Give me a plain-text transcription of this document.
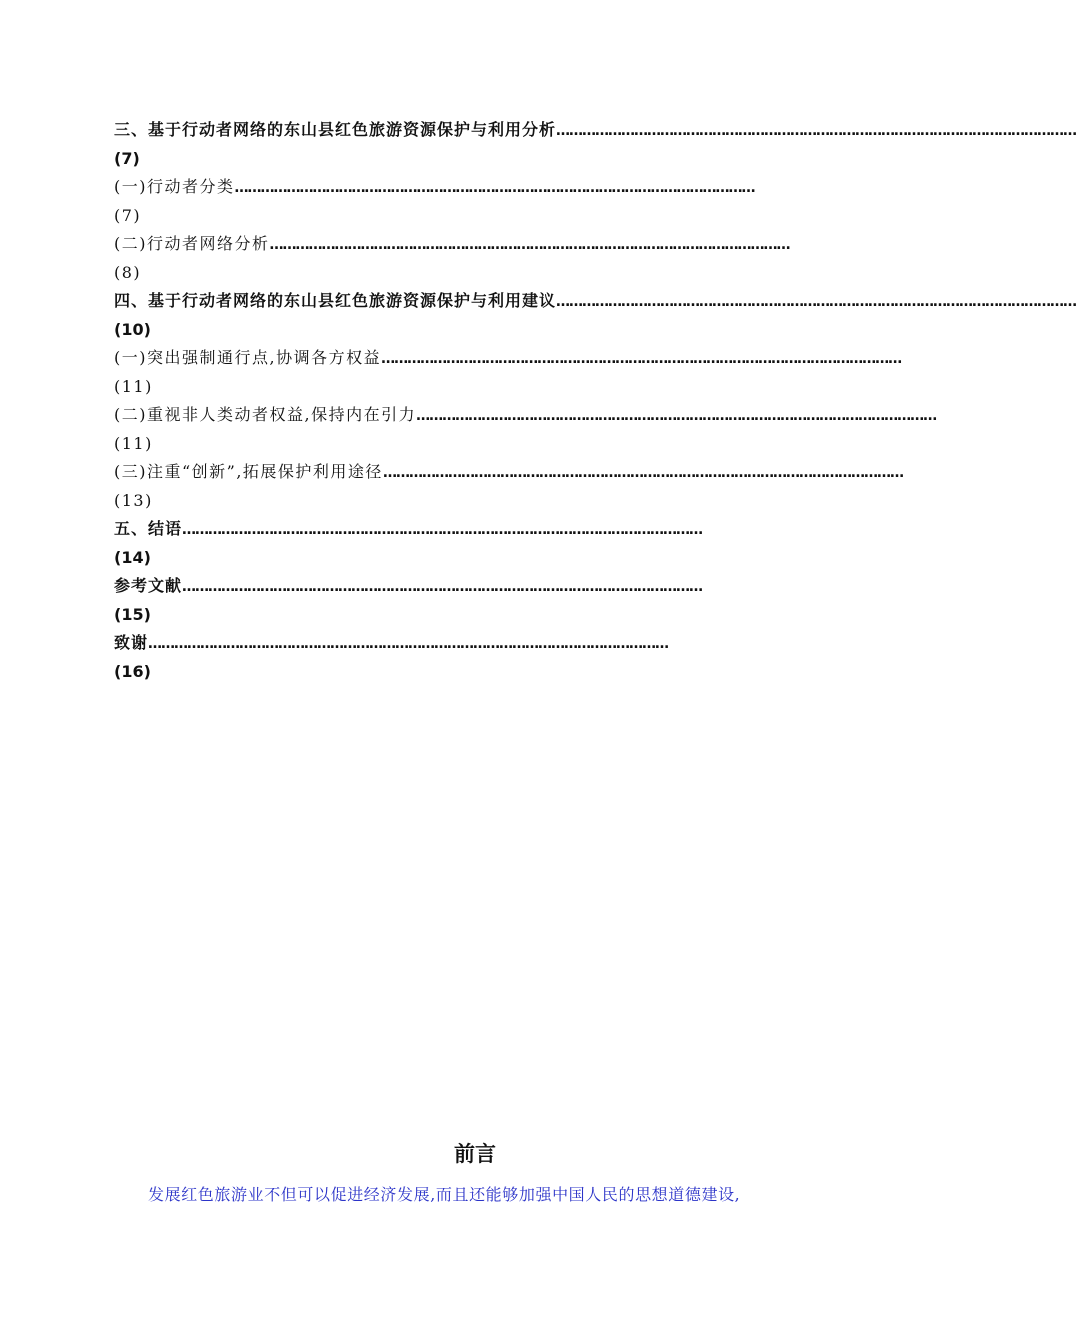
三、基于行动者网络的东山县红色旅游资源保护与利用分析 …………………………………………………………………………………………………………
(7)
(一)行动者分类 …………………………………………………………………………………………………………
(7)
(二)行动者网络分析 …………………………………………………………………………………………………………
(8)
四、基于行动者网络的东山县红色旅游资源保护与利用建议 …………………………………………………………………………………………………………
(10)
(一)突出强制通行点,协调各方权益 …………………………………………………………………………………………………………
(11)
(二)重视非人类动者权益,保持内在引力 …………………………………………………………………………………………………………
(11)
(三)注重“创新”,拓展保护利用途径 …………………………………………………………………………………………………………
(13)
五、结语 …………………………………………………………………………………………………………
(14)
参考文献 …………………………………………………………………………………………………………
(15)
致谢 …………………………………………………………………………………………………………
(16)
前言

发展红色旅游业不但可以促进经济发展,而且还能够加强中国人民的思想道德建设,
